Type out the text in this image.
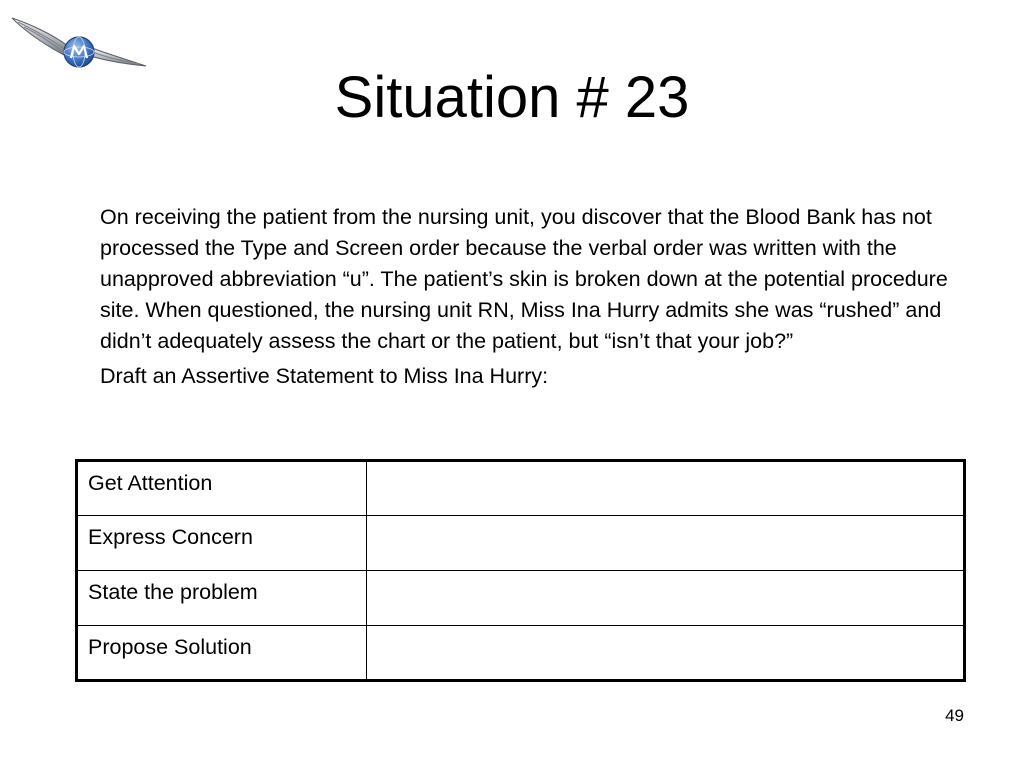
Situation # 23

On receiving the patient from the nursing unit, you discover that the Blood Bank has not processed the Type and Screen order because the verbal order was written with the unapproved abbreviation “u”. The patient’s skin is broken down at the potential procedure site. When questioned, the nursing unit RN, Miss Ina Hurry admits she was “rushed” and didn’t adequately assess the chart or the patient, but “isn’t that your job?”

Draft an Assertive Statement to Miss Ina Hurry:

Get Attention	
Express Concern	
State the problem	
Propose Solution	
49
